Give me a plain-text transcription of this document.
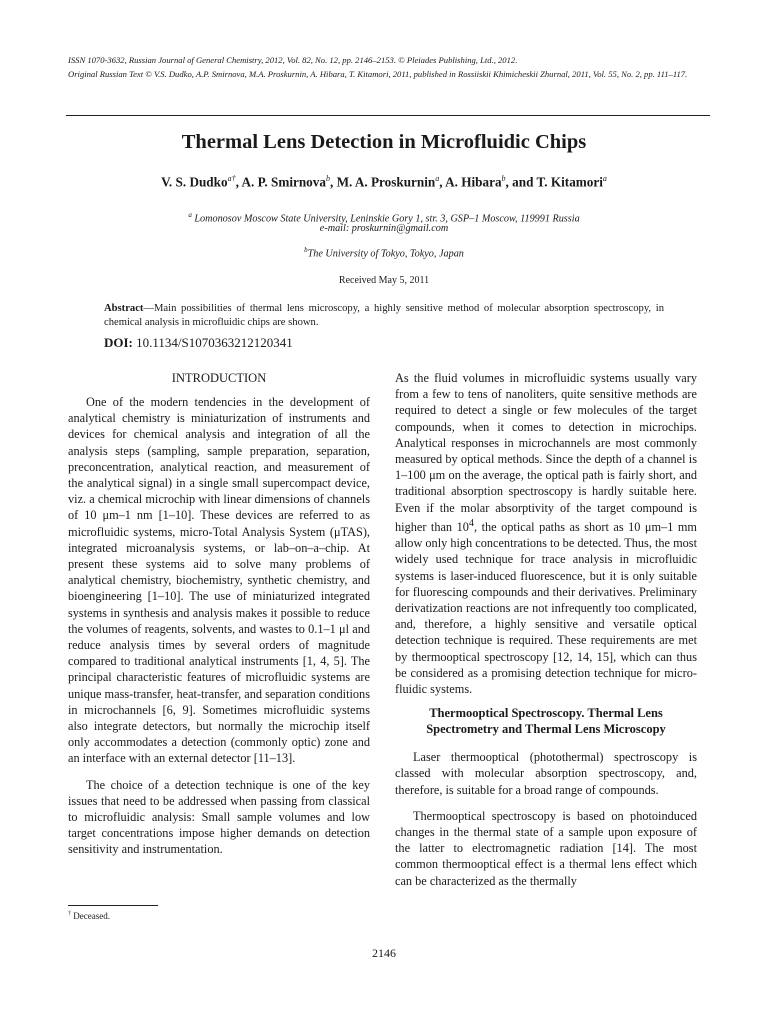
ISSN 1070-3632, Russian Journal of General Chemistry, 2012, Vol. 82, No. 12, pp. 2146–2153. © Pleiades Publishing, Ltd., 2012.

Original Russian Text © V.S. Dudko, A.P. Smirnova, M.A. Proskurnin, A. Hibara, T. Kitamori, 2011, published in Rossiiskii Khimicheskii Zhurnal, 2011, Vol. 55, No. 2, pp. 111–117.

Thermal Lens Detection in Microfluidic Chips
V. S. Dudko$^{a\dagger}$, A. P. Smirnova$^b$, M. A. Proskurnin$^a$, A. Hibara$^b$, and T. Kitamori$^a$
$^a$ Lomonosov Moscow State University, Leninskie Gory 1, str. 3, GSP–1 Moscow, 119991 Russia
e-mail: proskurnin@gmail.com
$^b$The University of Tokyo, Tokyo, Japan
Received May 5, 2011

Abstract—Main possibilities of thermal lens microscopy, a highly sensitive method of molecular absorption spectroscopy, in chemical analysis in microfluidic chips are shown.

DOI: 10.1134/S1070363212120341
INTRODUCTION

One of the modern tendencies in the development of analytical chemistry is miniaturization of instruments and devices for chemical analysis and integration of all the analysis steps (sampling, sample preparation, separation, preconcentration, analytical reaction, and measurement of the analytical signal) in a single small supercompact device, viz. a chemical microchip with linear dimensions of channels of 10 μm–1 nm [1–10]. These devices are referred to as microfluidic systems, micro-Total Analysis System (μTAS), integrated microanalysis systems, or lab–on–a–chip. At present these systems aid to solve many problems of analytical chemistry, biochemistry, synthetic chemistry, and bioengineering [1–10]. The use of miniaturized integrated systems in synthesis and analysis makes it possible to reduce the volumes of reagents, solvents, and wastes to 0.1–1 μl and reduce analysis times by several orders of magnitude compared to traditional analytical instruments [1, 4, 5]. The principal characteristic features of microfluidic systems are unique mass-transfer, heat-transfer, and separation conditions in microchannels [6, 9]. Sometimes microfluidic systems also integrate detectors, but normally the microchip itself only accommodates a detection (commonly optic) zone and an interface with an external detector [11–13].

The choice of a detection technique is one of the key issues that need to be addressed when passing from classical to microfluidic analysis: Small sample volumes and low target concentrations impose higher demands on detection sensitivity and instrumentation.

As the fluid volumes in microfluidic systems usually vary from a few to tens of nanoliters, quite sensitive methods are required to detect a single or few molecules of the target compounds, when it comes to detection in microchips. Analytical responses in microchannels are most commonly measured by optical methods. Since the depth of a channel is 1–100 μm on the average, the optical path is fairly short, and traditional absorption spectroscopy is hardly suitable here. Even if the molar absorptivity of the target compound is higher than $10^4$, the optical paths as short as 10 μm–1 mm allow only high concentrations to be detected. Thus, the most widely used technique for trace analysis in microfluidic systems is laser-induced fluorescence, but it is only suitable for fluorescing compounds and their derivatives. Preliminary derivatization reactions are not infrequently too complicated, and, therefore, a highly sensitive and versatile optical detection technique is required. These requirements are met by thermooptical spectroscopy [12, 14, 15], which can thus be considered as a promising detection technique for microfluidic systems.

Thermooptical Spectroscopy. Thermal Lens Spectrometry and Thermal Lens Microscopy

Laser thermooptical (photothermal) spectroscopy is classed with molecular absorption spectroscopy, and, therefore, is suitable for a broad range of compounds.

Thermooptical spectroscopy is based on photoinduced changes in the thermal state of a sample upon exposure of the latter to electromagnetic radiation [14]. The most common thermooptical effect is a thermal lens effect which can be characterized as the thermally

† Deceased.
2146
